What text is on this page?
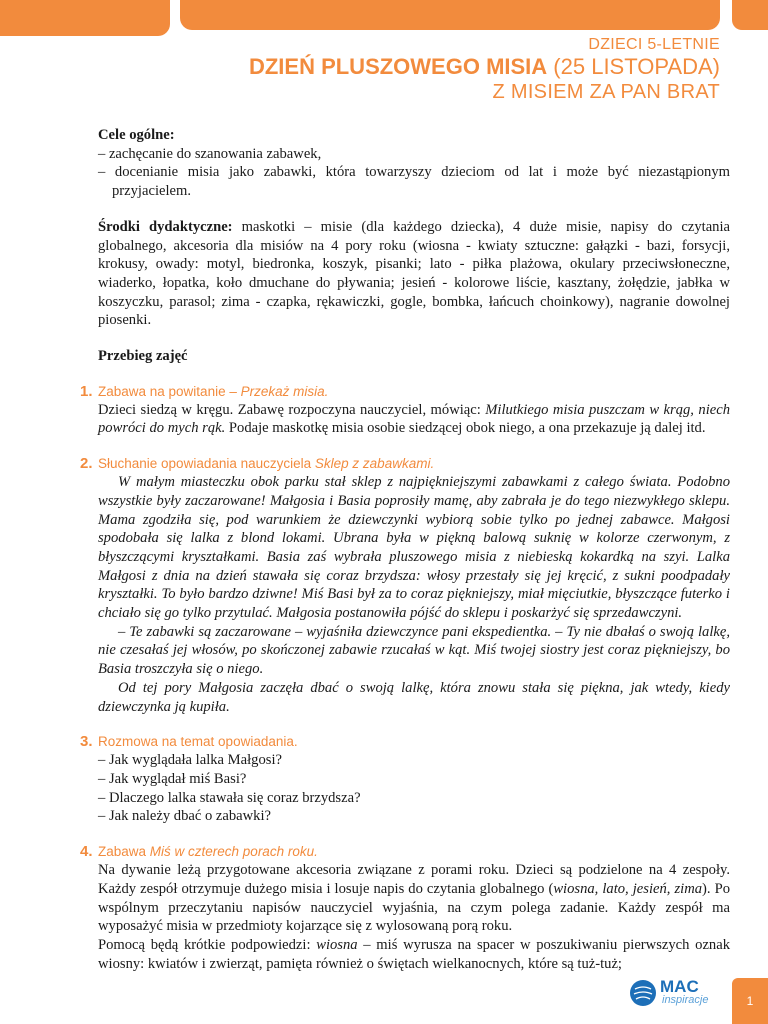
DZIECI 5-LETNIE
DZIEŃ PLUSZOWEGO MISIA (25 LISTOPADA)
Z MISIEM ZA PAN BRAT

Cele ogólne:

– zachęcanie do szanowania zabawek,

– docenianie misia jako zabawki, która towarzyszy dzieciom od lat i może być niezastąpionym przyjacielem.

Środki dydaktyczne: maskotki – misie (dla każdego dziecka), 4 duże misie, napisy do czytania globalnego, akcesoria dla misiów na 4 pory roku (wiosna - kwiaty sztuczne: gałązki - bazi, forsycji, krokusy, owady: motyl, biedronka, koszyk, pisanki; lato - piłka plażowa, okulary przeciwsłoneczne, wiaderko, łopatka, koło dmuchane do pływania; jesień - kolorowe liście, kasztany, żołędzie, jabłka w koszyczku, parasol; zima - czapka, rękawiczki, gogle, bombka, łańcuch choinkowy), nagranie dowolnej piosenki.

Przebieg zajęć

1. Zabawa na powitanie – Przekaż misia.

Dzieci siedzą w kręgu. Zabawę rozpoczyna nauczyciel, mówiąc: Milutkiego misia puszczam w krąg, niech powróci do mych rąk. Podaje maskotkę misia osobie siedzącej obok niego, a ona przekazuje ją dalej itd.

2. Słuchanie opowiadania nauczyciela Sklep z zabawkami.

W małym miasteczku obok parku stał sklep z najpiękniejszymi zabawkami z całego świata. Podobno wszystkie były zaczarowane! Małgosia i Basia poprosiły mamę, aby zabrała je do tego niezwykłego sklepu. Mama zgodziła się, pod warunkiem że dziewczynki wybiorą sobie tylko po jednej zabawce. Małgosi spodobała się lalka z blond lokami. Ubrana była w piękną balową suknię w kolorze czerwonym, z błyszczącymi kryształkami. Basia zaś wybrała pluszowego misia z niebieską kokardką na szyi. Lalka Małgosi z dnia na dzień stawała się coraz brzydsza: włosy przestały się jej kręcić, z sukni poodpadały kryształki. To było bardzo dziwne! Miś Basi był za to coraz piękniejszy, miał mięciutkie, błyszczące futerko i chciało się go tylko przytulać. Małgosia postanowiła pójść do sklepu i poskarżyć się sprzedawczyni.

– Te zabawki są zaczarowane – wyjaśniła dziewczynce pani ekspedientka. – Ty nie dbałaś o swoją lalkę, nie czesałaś jej włosów, po skończonej zabawie rzucałaś w kąt. Miś twojej siostry jest coraz piękniejszy, bo Basia troszczyła się o niego.

Od tej pory Małgosia zaczęła dbać o swoją lalkę, która znowu stała się piękna, jak wtedy, kiedy dziewczynka ją kupiła.

3. Rozmowa na temat opowiadania.

– Jak wyglądała lalka Małgosi?

– Jak wyglądał miś Basi?

– Dlaczego lalka stawała się coraz brzydsza?

– Jak należy dbać o zabawki?

4. Zabawa Miś w czterech porach roku.

Na dywanie leżą przygotowane akcesoria związane z porami roku. Dzieci są podzielone na 4 zespoły. Każdy zespół otrzymuje dużego misia i losuje napis do czytania globalnego (wiosna, lato, jesień, zima). Po wspólnym przeczytaniu napisów nauczyciel wyjaśnia, na czym polega zadanie. Każdy zespół ma wyposażyć misia w przedmioty kojarzące się z wylosowaną porą roku.

Pomocą będą krótkie podpowiedzi: wiosna – miś wyrusza na spacer w poszukiwaniu pierwszych oznak wiosny: kwiatów i zwierząt, pamięta również o świętach wielkanocnych, które są tuż-tuż;

MAC
inspiracje	1
